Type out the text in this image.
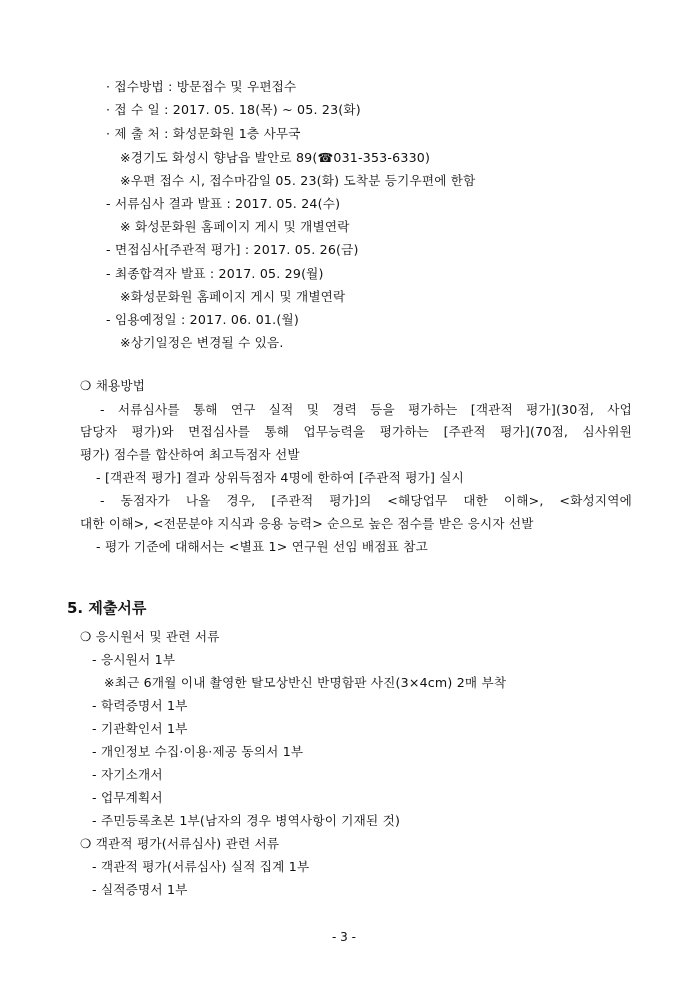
· 접수방법 : 방문접수 및 우편접수
· 접 수 일 : 2017. 05. 18(목) ~ 05. 23(화)
· 제 출 처 : 화성문화원 1층 사무국
※경기도 화성시 향남읍 발안로 89(☎031-353-6330)
※우편 접수 시, 접수마감일 05. 23(화) 도착분 등기우편에 한함
- 서류심사 결과 발표 : 2017. 05. 24(수)
※ 화성문화원 홈페이지 게시 및 개별연락
- 면접심사[주관적 평가] : 2017. 05. 26(금)
- 최종합격자 발표 : 2017. 05. 29(월)
※화성문화원 홈페이지 게시 및 개별연락
- 임용예정일 : 2017. 06. 01.(월)
※상기일정은 변경될 수 있음.
❍ 채용방법
- 서류심사를 통해 연구 실적 및 경력 등을 평가하는 [객관적 평가](30점, 사업
담당자 평가)와 면접심사를 통해 업무능력을 평가하는 [주관적 평가](70점, 심사위원
평가) 점수를 합산하여 최고득점자 선발
- [객관적 평가] 결과 상위득점자 4명에 한하여 [주관적 평가] 실시
- 동점자가 나올 경우, [주관적 평가]의 <해당업무 대한 이해>, <화성지역에
대한 이해>, <전문분야 지식과 응용 능력> 순으로 높은 점수를 받은 응시자 선발
- 평가 기준에 대해서는 <별표 1> 연구원 선임 배점표 참고
5. 제출서류
❍ 응시원서 및 관련 서류
- 응시원서 1부
※최근 6개월 이내 촬영한 탈모상반신 반명함판 사진(3×4cm) 2매 부착
- 학력증명서 1부
- 기관확인서 1부
- 개인정보 수집·이용·제공 동의서 1부
- 자기소개서
- 업무계획서
- 주민등록초본 1부(남자의 경우 병역사항이 기재된 것)
❍ 객관적 평가(서류심사) 관련 서류
- 객관적 평가(서류심사) 실적 집계 1부
- 실적증명서 1부
- 3 -
